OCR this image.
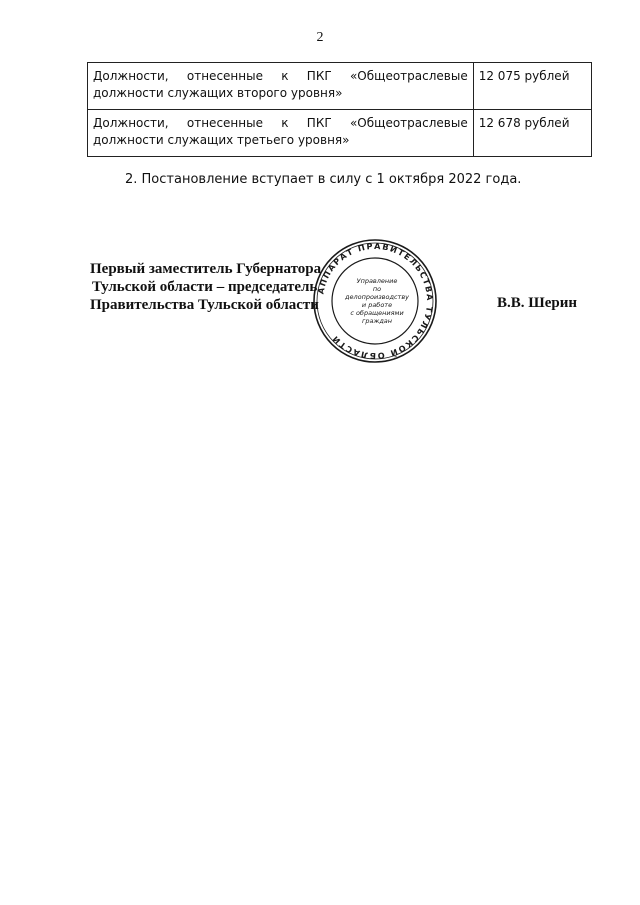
2
Должности, отнесенные к ПКГ «Общеотраслевые
должности служащих второго уровня»	12 075 рублей

Должности, отнесенные к ПКГ «Общеотраслевые
должности служащих третьего уровня»	12 678 рублей
2. Постановление вступает в силу с 1 октября 2022 года.
АППАРАТ ПРАВИТЕЛЬСТВА ТУЛЬСКОЙ ОБЛАСТИ
Управление
по делопроизводству
и работе
с обращениями
граждан
Первый заместитель Губернатора
Тульской области – председатель
Правительства Тульской области	В.В. Шерин
